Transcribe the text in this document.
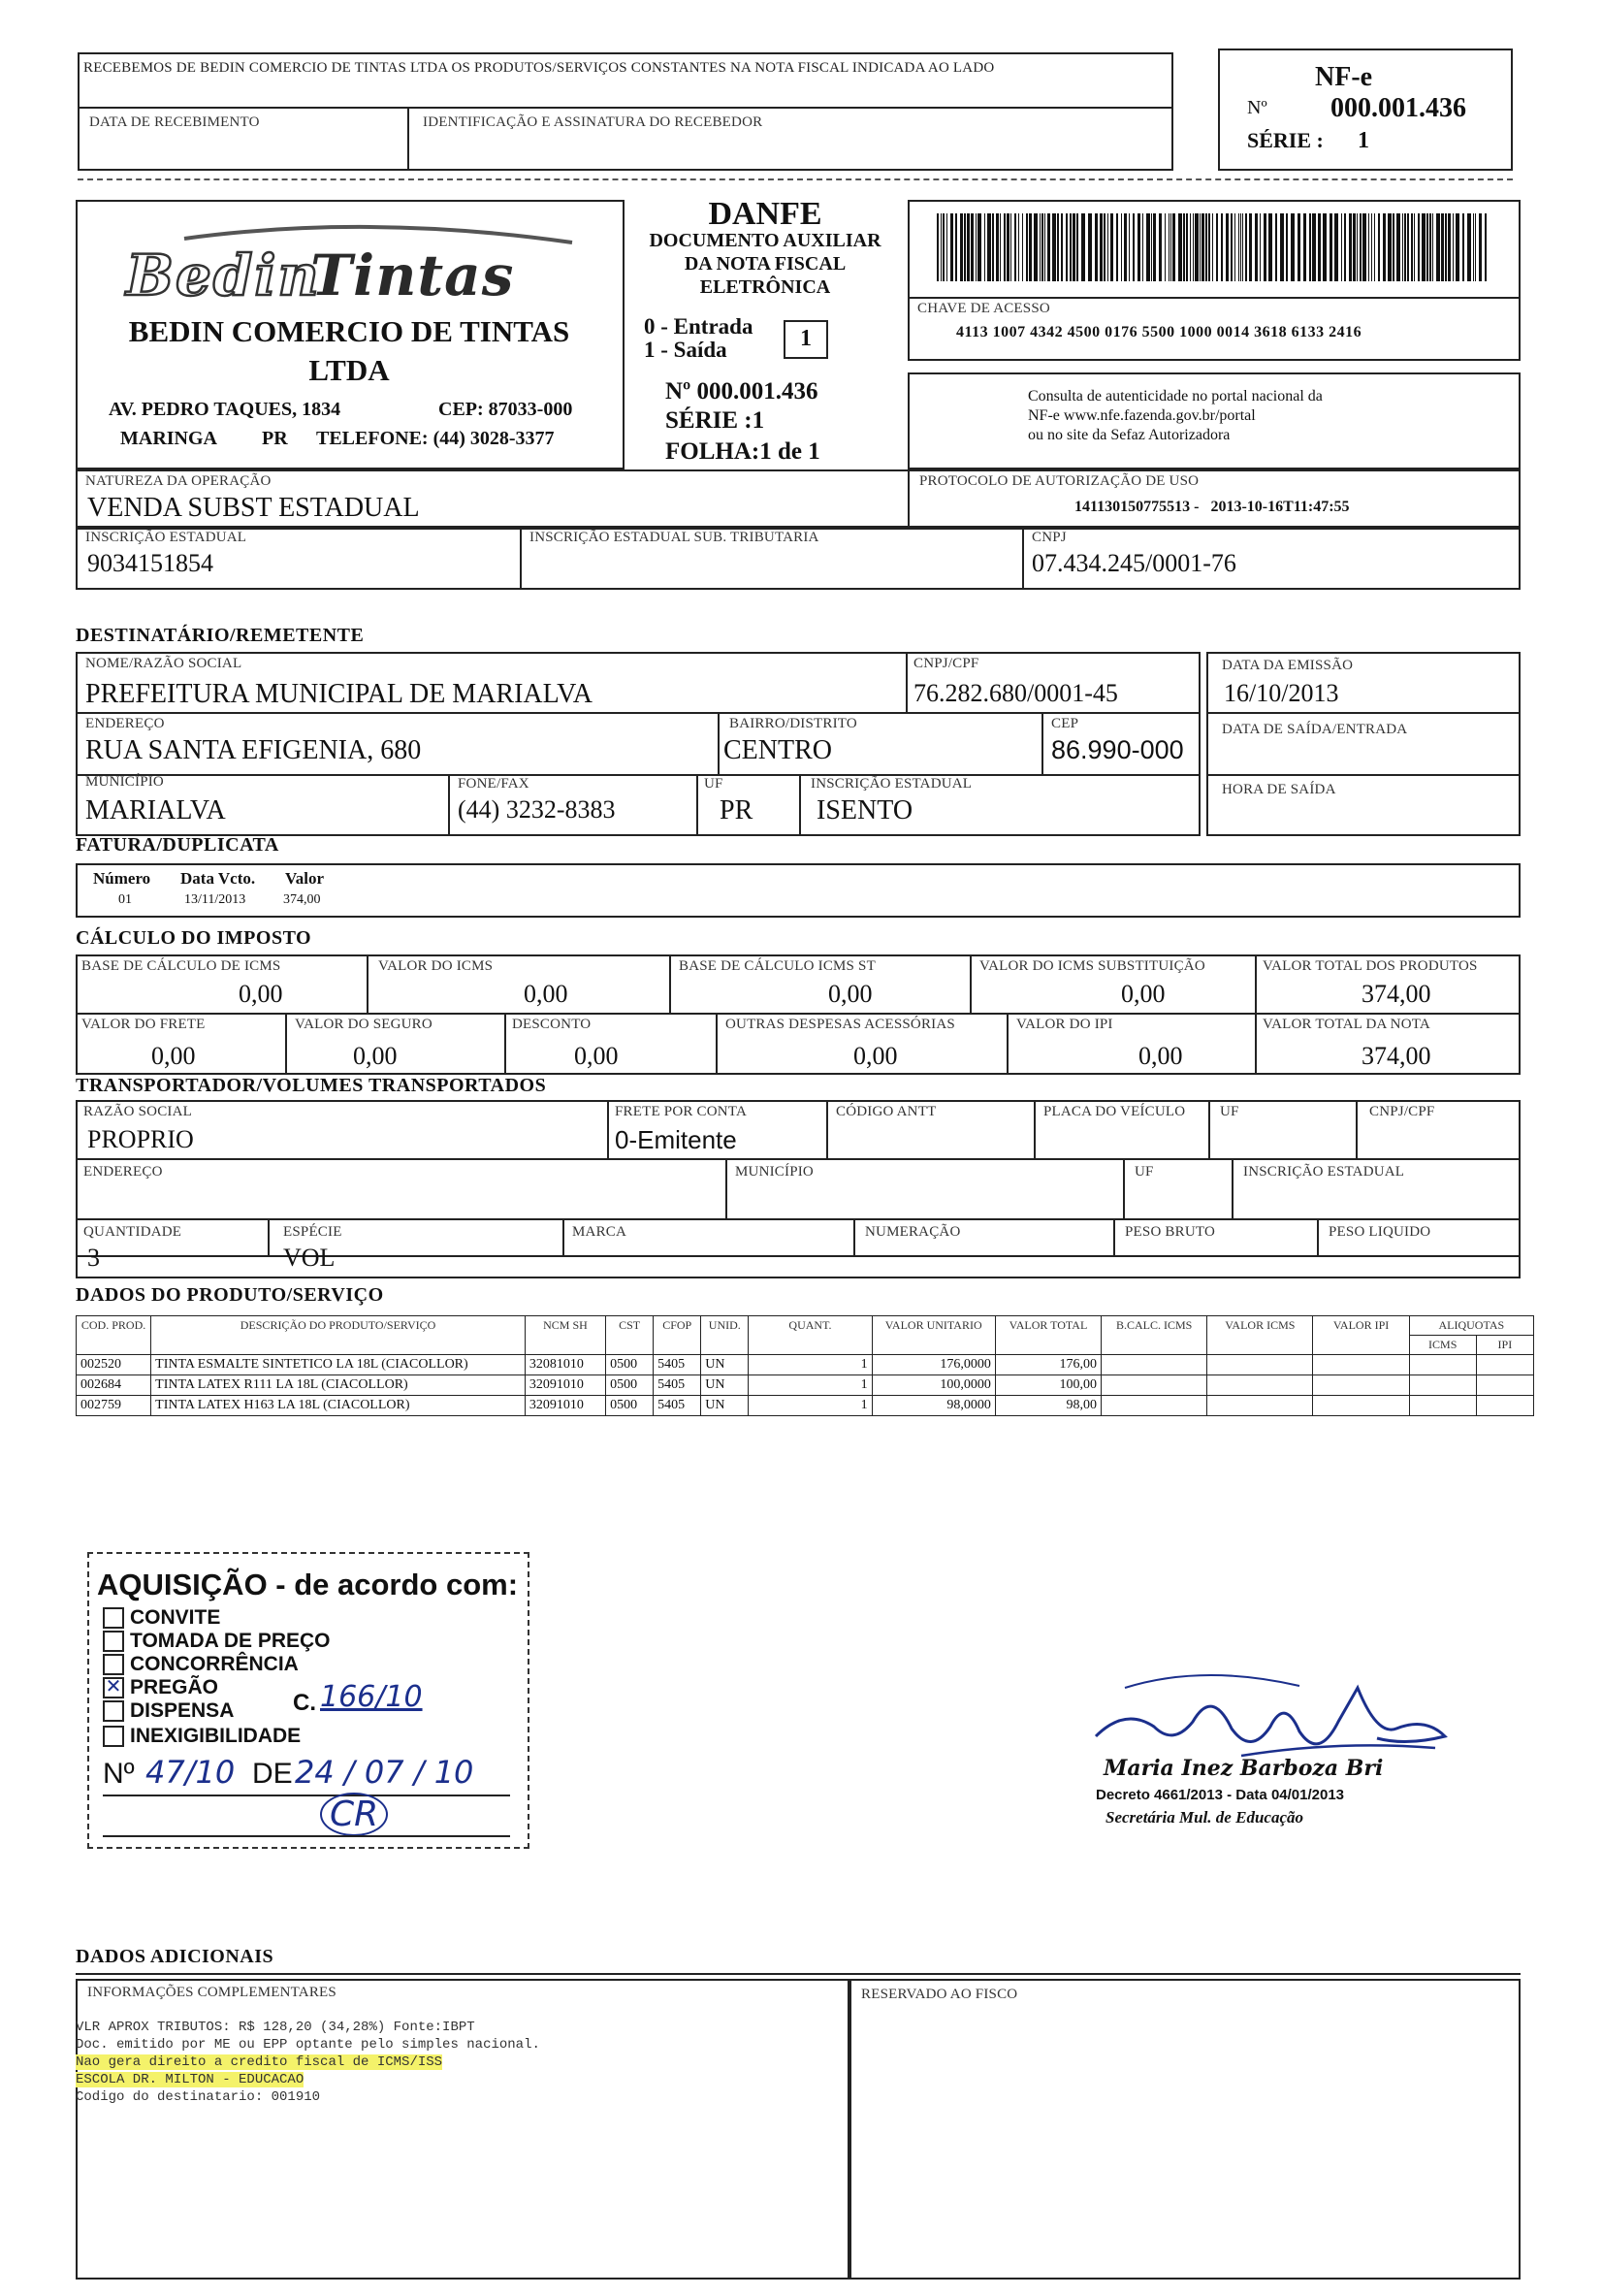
RECEBEMOS DE BEDIN COMERCIO DE TINTAS LTDA OS PRODUTOS/SERVIÇOS CONSTANTES NA NOTA FISCAL INDICADA AO LADO
DATA DE RECEBIMENTO	IDENTIFICAÇÃO E ASSINATURA DO RECEBEDOR
NF-e
Nº 000.001.436
SÉRIE : 1
Bedin
Tintas
BEDIN COMERCIO DE TINTAS LTDA
AV. PEDRO TAQUES, 1834	CEP: 87033-000
MARINGA PR TELEFONE: (44) 3028-3377
DANFE
DOCUMENTO AUXILIAR DA NOTA FISCAL ELETRÔNICA
0 - Entrada
1 - Saída	1
Nº 000.001.436
SÉRIE :1
FOLHA:1 de 1
CHAVE DE ACESSO
4113 1007 4342 4500 0176 5500 1000 0014 3618 6133 2416
Consulta de autenticidade no portal nacional da
NF-e www.nfe.fazenda.gov.br/portal
ou no site da Sefaz Autorizadora
NATUREZA DA OPERAÇÃO
VENDA SUBST ESTADUAL
PROTOCOLO DE AUTORIZAÇÃO DE USO
141130150775513 -   2013-10-16T11:47:55
INSCRIÇÃO ESTADUAL
9034151854
INSCRIÇÃO ESTADUAL SUB. TRIBUTARIA	CNPJ
07.434.245/0001-76
DESTINATÁRIO/REMETENTE
NOME/RAZÃO SOCIAL
PREFEITURA MUNICIPAL DE MARIALVA
CNPJ/CPF
76.282.680/0001-45
ENDEREÇO
RUA SANTA EFIGENIA, 680
BAIRRO/DISTRITO
CENTRO
CEP
86.990-000
MUNICÍPIO
MARIALVA
FONE/FAX
(44) 3232-8383
UF
PR
INSCRIÇÃO ESTADUAL
ISENTO
DATA DA EMISSÃO
16/10/2013
DATA DE SAÍDA/ENTRADA
HORA DE SAÍDA
FATURA/DUPLICATA
Número Data Vcto. Valor
01	13/11/2013	374,00
CÁLCULO DO IMPOSTO
BASE DE CÁLCULO DE ICMS
0,00
VALOR DO ICMS
0,00
BASE DE CÁLCULO ICMS ST
0,00
VALOR DO ICMS SUBSTITUIÇÃO
0,00
VALOR TOTAL DOS PRODUTOS
374,00
VALOR DO FRETE
0,00
VALOR DO SEGURO
0,00
DESCONTO
0,00
OUTRAS DESPESAS ACESSÓRIAS
0,00
VALOR DO IPI
0,00
VALOR TOTAL DA NOTA
374,00
TRANSPORTADOR/VOLUMES TRANSPORTADOS
RAZÃO SOCIAL
PROPRIO
FRETE POR CONTA
0-Emitente
CÓDIGO ANTT	PLACA DO VEÍCULO UF	CNPJ/CPF
ENDEREÇO	MUNICÍPIO	UF	INSCRIÇÃO ESTADUAL
QUANTIDADE
3
ESPÉCIE
VOL
MARCA	NUMERAÇÃO	PESO BRUTO	PESO LIQUIDO
DADOS DO PRODUTO/SERVIÇO
COD. PROD.	DESCRIÇÃO DO PRODUTO/SERVIÇO	NCM SH	CST	CFOP	UNID.	QUANT.	VALOR UNITARIO	VALOR TOTAL	B.CALC. ICMS	VALOR ICMS	VALOR IPI	ALIQUOTAS	
												ICMS	IPI
002520	TINTA ESMALTE SINTETICO LA 18L (CIACOLLOR)	32081010	0500	5405	UN	1	176,0000	176,00					
002684	TINTA LATEX R111 LA 18L (CIACOLLOR)	32091010	0500	5405	UN	1	100,0000	100,00					
002759	TINTA LATEX H163 LA 18L (CIACOLLOR)	32091010	0500	5405	UN	1	98,0000	98,00					
AQUISIÇÃO - de acordo com:
CONVITE
TOMADA DE PREÇO
CONCORRÊNCIA
✕ PREGÃO
DISPENSA
INEXIGIBILIDADE
C. 166/10
Nº 47/10 DE 24 / 07 / 10
CR
Maria Inez Barboza Bri
Decreto 4661/2013 - Data 04/01/2013
Secretária Mul. de Educação
DADOS ADICIONAIS
INFORMAÇÕES COMPLEMENTARES	RESERVADO AO FISCO
VLR APROX TRIBUTOS: R$ 128,20 (34,28%) Fonte:IBPT
Doc. emitido por ME ou EPP optante pelo simples nacional.
Nao gera direito a credito fiscal de ICMS/ISS
ESCOLA DR. MILTON - EDUCACAO
Codigo do destinatario: 001910
